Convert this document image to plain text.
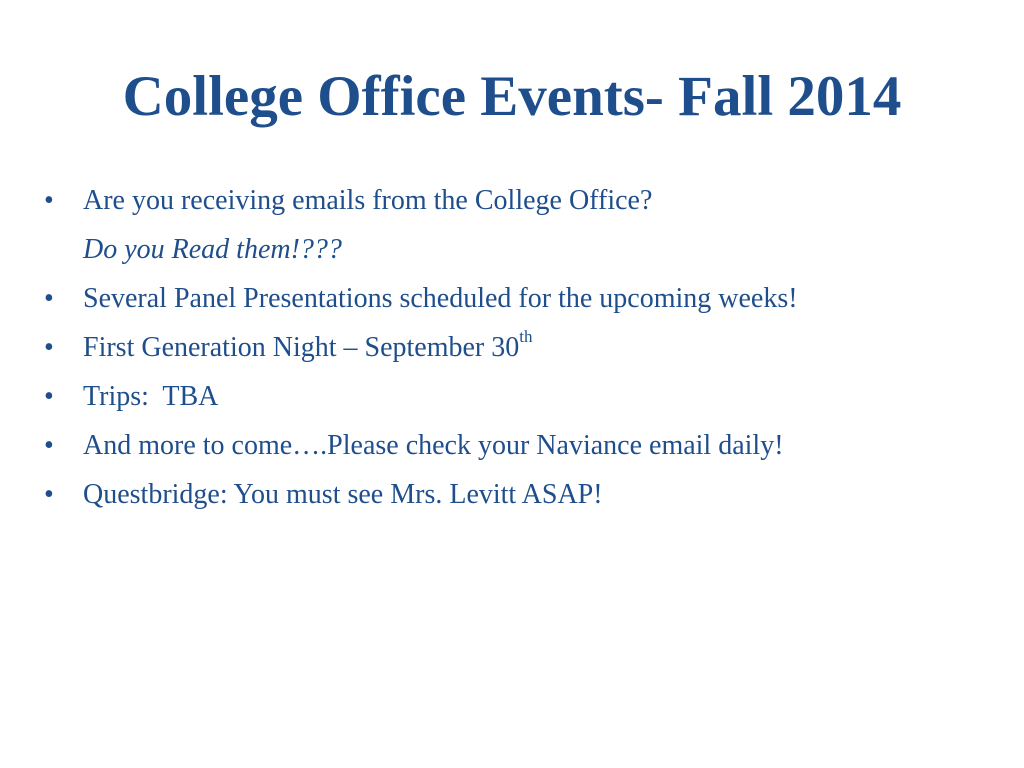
College Office Events- Fall 2014
•	Are you receiving emails from the College Office?
Do you Read them!???
•	Several Panel Presentations scheduled for the upcoming weeks!
•	First Generation Night – September 30th
•	Trips:  TBA
•	And more to come….Please check your Naviance email daily!
•	Questbridge: You must see Mrs. Levitt ASAP!
